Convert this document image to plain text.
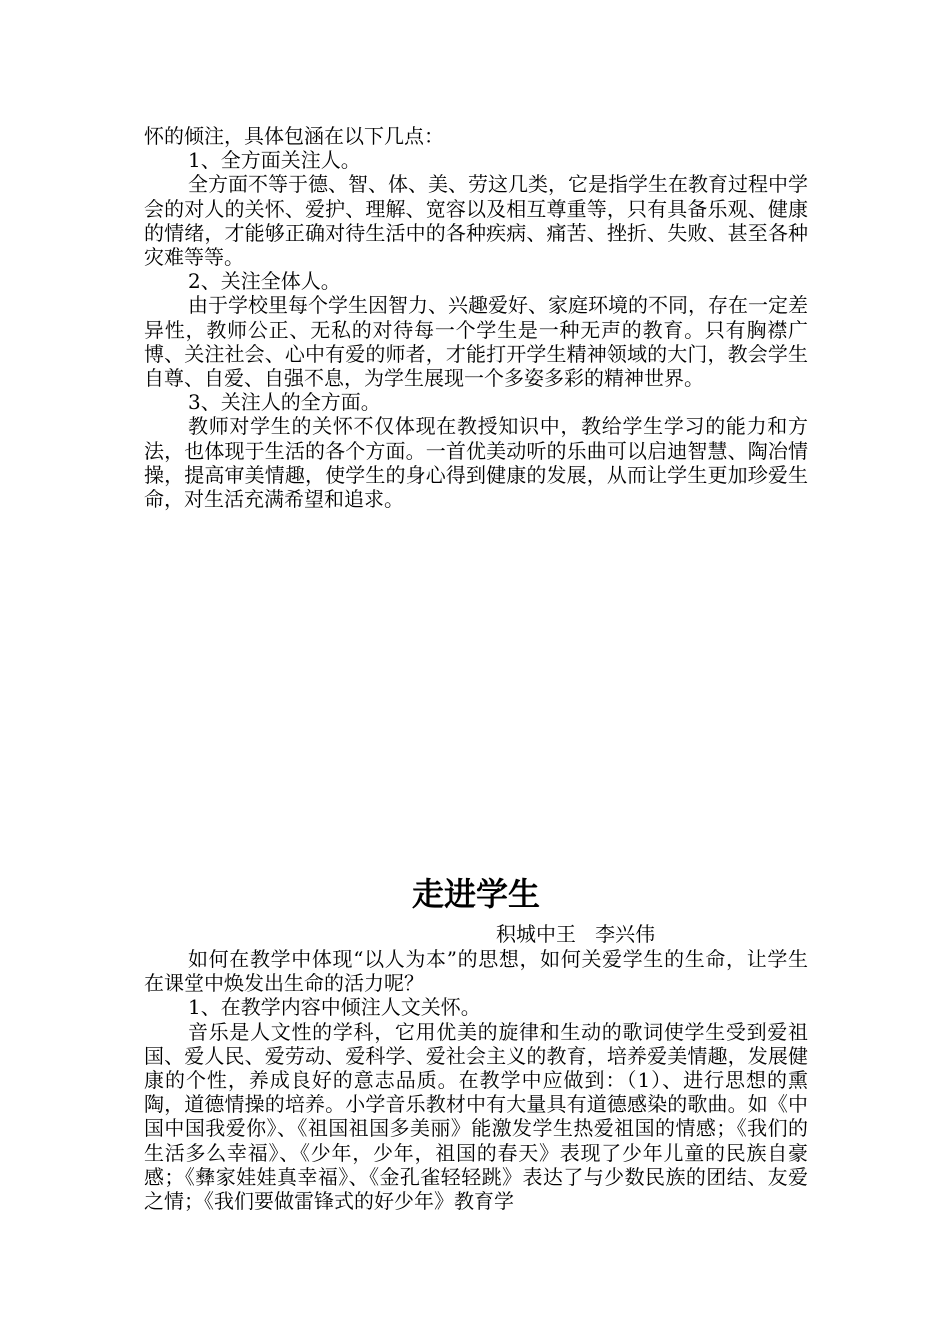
怀的倾注，具体包涵在以下几点：

1、全方面关注人。

全方面不等于德、智、体、美、劳这几类，它是指学生在教育过程中学会的对人的关怀、爱护、理解、宽容以及相互尊重等，只有具备乐观、健康的情绪，才能够正确对待生活中的各种疾病、痛苦、挫折、失败、甚至各种灾难等等。

2、关注全体人。

由于学校里每个学生因智力、兴趣爱好、家庭环境的不同，存在一定差异性，教师公正、无私的对待每一个学生是一种无声的教育。只有胸襟广博、关注社会、心中有爱的师者，才能打开学生精神领域的大门，教会学生自尊、自爱、自强不息，为学生展现一个多姿多彩的精神世界。

3、关注人的全方面。

教师对学生的关怀不仅体现在教授知识中，教给学生学习的能力和方法，也体现于生活的各个方面。一首优美动听的乐曲可以启迪智慧、陶冶情操，提高审美情趣，使学生的身心得到健康的发展，从而让学生更加珍爱生命，对生活充满希望和追求。

走进学生

积城中王   李兴伟

如何在教学中体现“以人为本”的思想，如何关爱学生的生命，让学生在课堂中焕发出生命的活力呢？

1、在教学内容中倾注人文关怀。

音乐是人文性的学科，它用优美的旋律和生动的歌词使学生受到爱祖国、爱人民、爱劳动、爱科学、爱社会主义的教育，培养爱美情趣，发展健康的个性，养成良好的意志品质。在教学中应做到：（1）、进行思想的熏陶，道德情操的培养。小学音乐教材中有大量具有道德感染的歌曲。如《中国中国我爱你》、《祖国祖国多美丽》能激发学生热爱祖国的情感；《我们的生活多么幸福》、《少年，少年，祖国的春天》表现了少年儿童的民族自豪感；《彝家娃娃真幸福》、《金孔雀轻轻跳》表达了与少数民族的团结、友爱之情；《我们要做雷锋式的好少年》教育学
